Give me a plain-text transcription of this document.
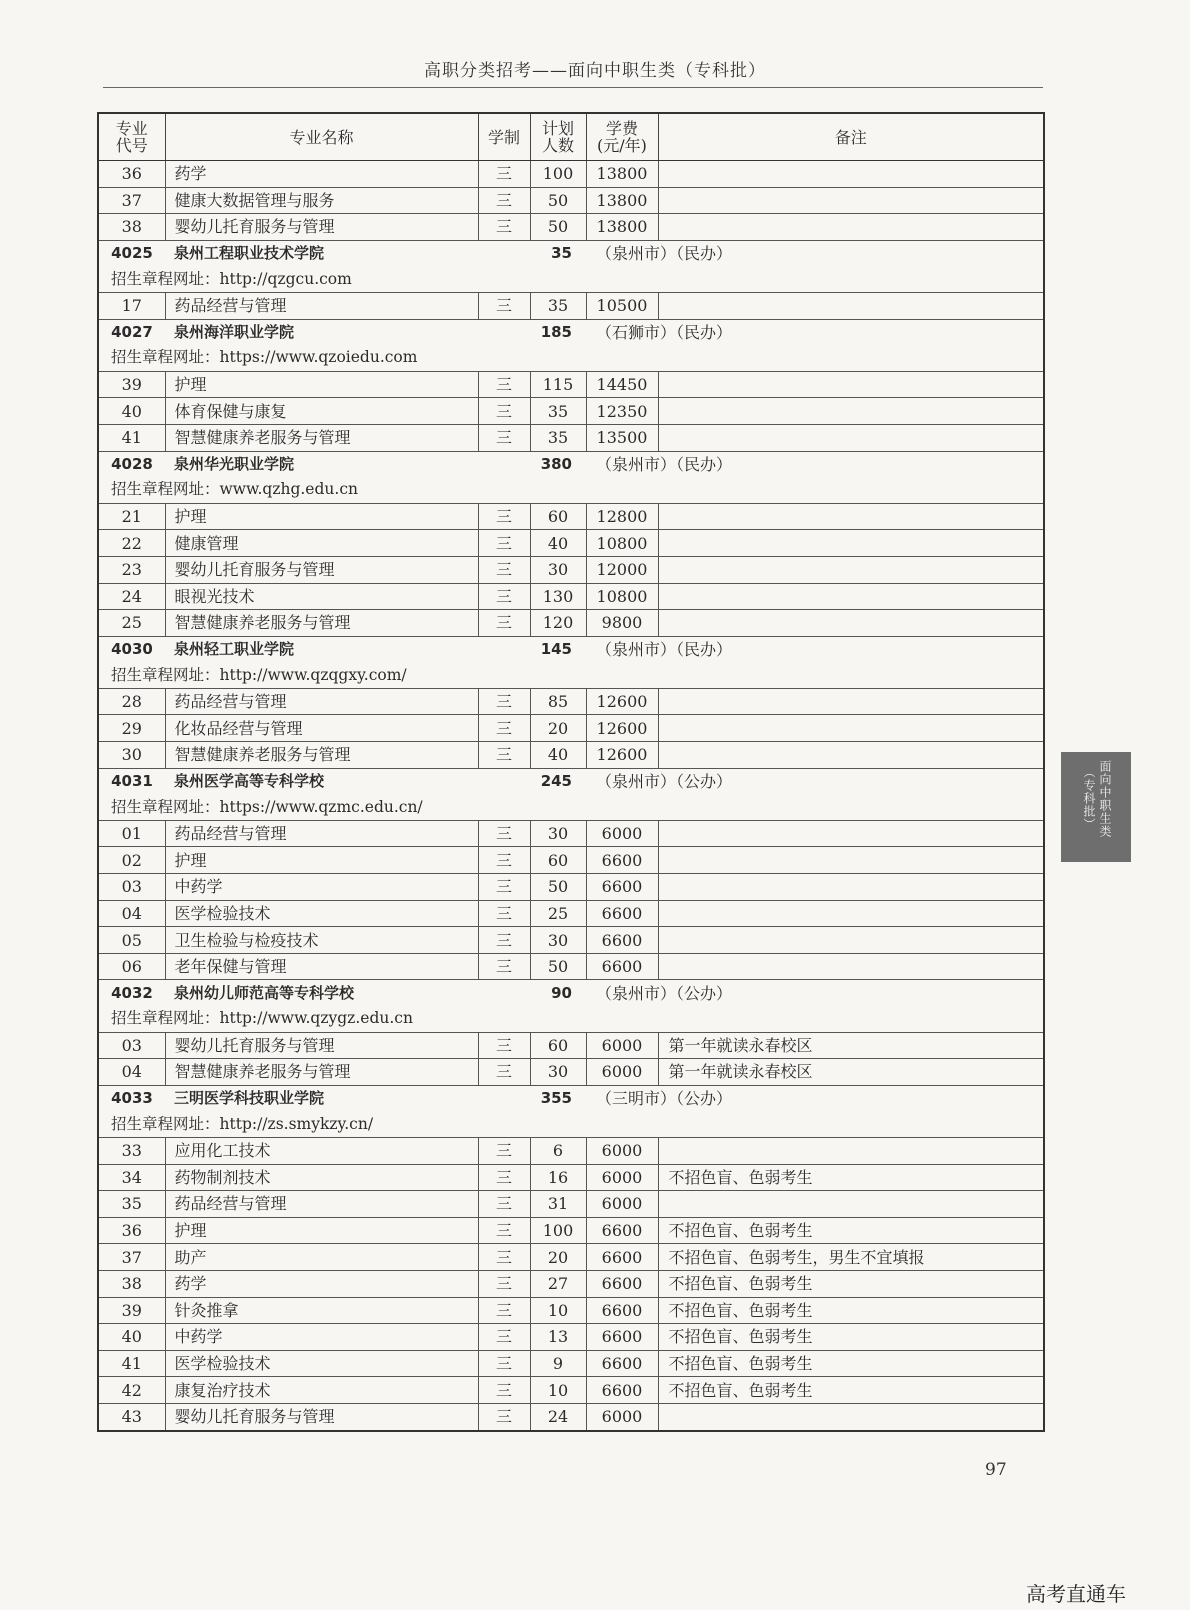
高职分类招考——面向中职生类（专科批）
专业代号	专业名称	学制	计划人数	学费(元/年)	备注
36	药学	三	100	13800	
37	健康大数据管理与服务	三	50	13800	
38	婴幼儿托育服务与管理	三	50	13800	
4025	泉州工程职业技术学院		35	（泉州市）（民办）	
招生章程网址：http://qzgcu.com					
17	药品经营与管理	三	35	10500	
4027	泉州海洋职业学院		185	（石狮市）（民办）	
招生章程网址：https://www.qzoiedu.com					
39	护理	三	115	14450	
40	体育保健与康复	三	35	12350	
41	智慧健康养老服务与管理	三	35	13500	
4028	泉州华光职业学院		380	（泉州市）（民办）	
招生章程网址：www.qzhg.edu.cn					
21	护理	三	60	12800	
22	健康管理	三	40	10800	
23	婴幼儿托育服务与管理	三	30	12000	
24	眼视光技术	三	130	10800	
25	智慧健康养老服务与管理	三	120	9800	
4030	泉州轻工职业学院		145	（泉州市）（民办）	
招生章程网址：http://www.qzqgxy.com/					
28	药品经营与管理	三	85	12600	
29	化妆品经营与管理	三	20	12600	
30	智慧健康养老服务与管理	三	40	12600	
4031	泉州医学高等专科学校		245	（泉州市）（公办）	
招生章程网址：https://www.qzmc.edu.cn/					
01	药品经营与管理	三	30	6000	
02	护理	三	60	6600	
03	中药学	三	50	6600	
04	医学检验技术	三	25	6600	
05	卫生检验与检疫技术	三	30	6600	
06	老年保健与管理	三	50	6600	
4032	泉州幼儿师范高等专科学校		90	（泉州市）（公办）	
招生章程网址：http://www.qzygz.edu.cn					
03	婴幼儿托育服务与管理	三	60	6000	第一年就读永春校区
04	智慧健康养老服务与管理	三	30	6000	第一年就读永春校区
4033	三明医学科技职业学院		355	（三明市）（公办）	
招生章程网址：http://zs.smykzy.cn/					
33	应用化工技术	三	6	6000	
34	药物制剂技术	三	16	6000	不招色盲、色弱考生
35	药品经营与管理	三	31	6000	
36	护理	三	100	6600	不招色盲、色弱考生
37	助产	三	20	6600	不招色盲、色弱考生，男生不宜填报
38	药学	三	27	6600	不招色盲、色弱考生
39	针灸推拿	三	10	6600	不招色盲、色弱考生
40	中药学	三	13	6600	不招色盲、色弱考生
41	医学检验技术	三	9	6600	不招色盲、色弱考生
42	康复治疗技术	三	10	6600	不招色盲、色弱考生
43	婴幼儿托育服务与管理	三	24	6000	
面向中职生类
（专科批）
97
高考直通车
